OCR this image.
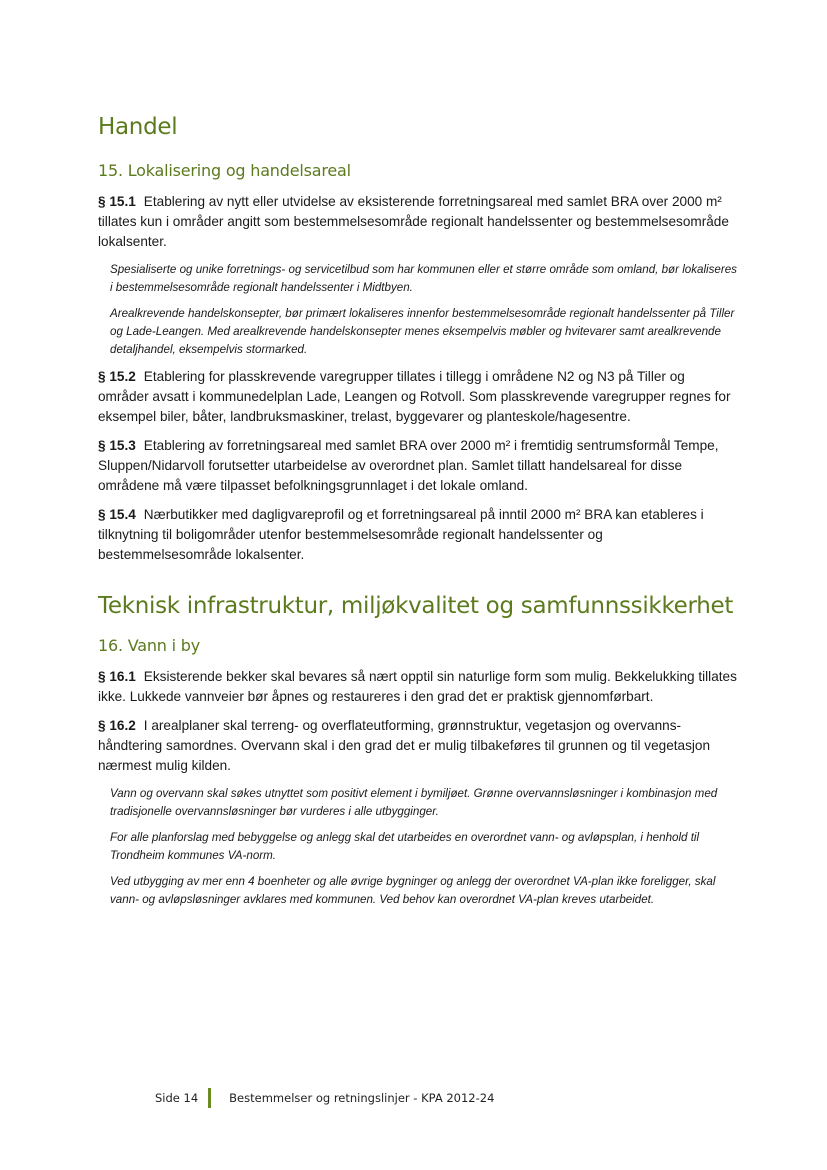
Handel
15. Lokalisering og handelsareal

§ 15.1 Etablering av nytt eller utvidelse av eksisterende forretningsareal med samlet BRA over 2000 m² tillates kun i områder angitt som bestemmelsesområde regionalt handelssenter og bestemmelsesområde lokalsenter.

Spesialiserte og unike forretnings- og servicetilbud som har kommunen eller et større område som omland, bør lokaliseres i bestemmelsesområde regionalt handelssenter i Midtbyen.

Arealkrevende handelskonsepter, bør primært lokaliseres innenfor bestemmelsesområde regionalt handelssenter på Tiller og Lade-Leangen. Med arealkrevende handelskonsepter menes eksempelvis møbler og hvitevarer samt arealkrevende detaljhandel, eksempelvis stormarked.

§ 15.2 Etablering for plasskrevende varegrupper tillates i tillegg i områdene N2 og N3 på Tiller og områder avsatt i kommunedelplan Lade, Leangen og Rotvoll. Som plasskrevende varegrupper regnes for eksempel biler, båter, landbruksmaskiner, trelast, byggevarer og planteskole/hagesentre.

§ 15.3 Etablering av forretningsareal med samlet BRA over 2000 m² i fremtidig sentrumsformål Tempe, Sluppen/Nidarvoll forutsetter utarbeidelse av overordnet plan. Samlet tillatt handelsareal for disse områdene må være tilpasset befolkningsgrunnlaget i det lokale omland.

§ 15.4 Nærbutikker med dagligvareprofil og et forretningsareal på inntil 2000 m² BRA kan etableres i tilknytning til boligområder utenfor bestemmelsesområde regionalt handelssenter og bestemmelsesområde lokalsenter.

Teknisk infrastruktur, miljøkvalitet og samfunnssikkerhet
16. Vann i by

§ 16.1 Eksisterende bekker skal bevares så nært opptil sin naturlige form som mulig. Bekkelukking tillates ikke. Lukkede vannveier bør åpnes og restaureres i den grad det er praktisk gjennomførbart.

§ 16.2 I arealplaner skal terreng- og overflateutforming, grønnstruktur, vegetasjon og overvanns-håndtering samordnes. Overvann skal i den grad det er mulig tilbakeføres til grunnen og til vegetasjon nærmest mulig kilden.

Vann og overvann skal søkes utnyttet som positivt element i bymiljøet. Grønne overvannsløsninger i kombinasjon med tradisjonelle overvannsløsninger bør vurderes i alle utbygginger.

For alle planforslag med bebyggelse og anlegg skal det utarbeides en overordnet vann- og avløpsplan, i henhold til Trondheim kommunes VA-norm.

Ved utbygging av mer enn 4 boenheter og alle øvrige bygninger og anlegg der overordnet VA-plan ikke foreligger, skal vann- og avløpsløsninger avklares med kommunen. Ved behov kan overordnet VA-plan kreves utarbeidet.

Side 14	Bestemmelser og retningslinjer - KPA 2012-24
